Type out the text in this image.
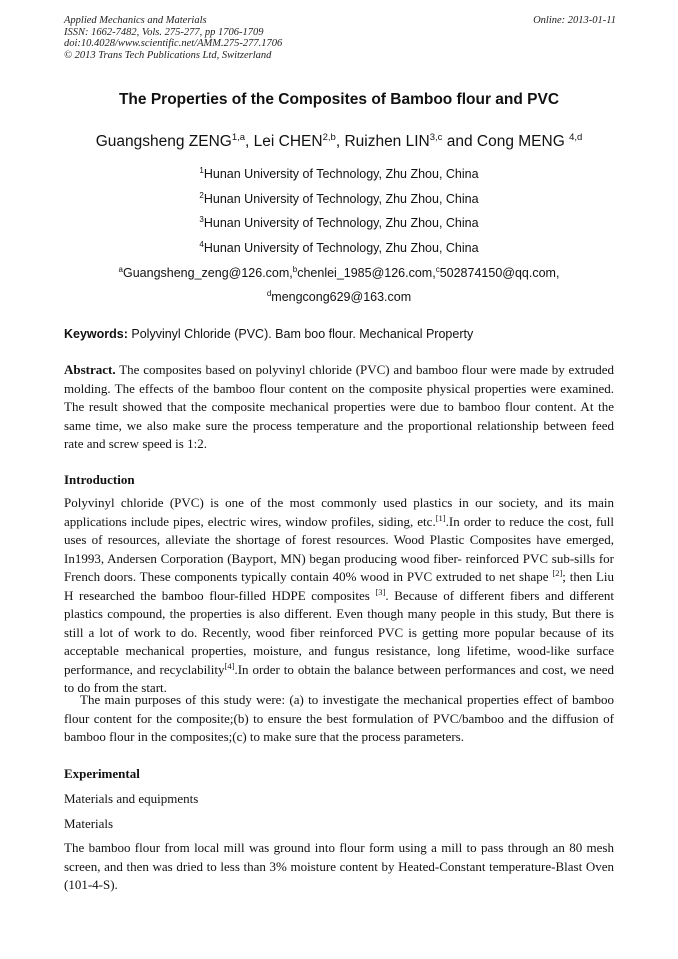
Applied Mechanics and Materials
ISSN: 1662-7482, Vols. 275-277, pp 1706-1709
doi:10.4028/www.scientific.net/AMM.275-277.1706
© 2013 Trans Tech Publications Ltd, Switzerland
Online: 2013-01-11
The Properties of the Composites of Bamboo flour and PVC
Guangsheng ZENG$^{1,a}$, Lei CHEN$^{2,b}$, Ruizhen LIN$^{3,c}$ and Cong MENG $^{4,d}$
$^1$Hunan University of Technology, Zhu Zhou, China
$^2$Hunan University of Technology, Zhu Zhou, China
$^3$Hunan University of Technology, Zhu Zhou, China
$^4$Hunan University of Technology, Zhu Zhou, China
$^a$Guangsheng_zeng@126.com,$^b$chenlei_1985@126.com,$^c$502874150@qq.com,
$^d$mengcong629@163.com
Keywords: Polyvinyl Chloride (PVC). Bam boo flour. Mechanical Property
Abstract. The composites based on polyvinyl chloride (PVC) and bamboo flour were made by extruded molding. The effects of the bamboo flour content on the composite physical properties were examined. The result showed that the composite mechanical properties were due to bamboo flour content. At the same time, we also make sure the process temperature and the proportional relationship between feed rate and screw speed is 1:2.
Introduction
Polyvinyl chloride (PVC) is one of the most commonly used plastics in our society, and its main applications include pipes, electric wires, window profiles, siding, etc.[1].In order to reduce the cost, full uses of resources, alleviate the shortage of forest resources. Wood Plastic Composites have emerged, In1993, Andersen Corporation (Bayport, MN) began producing wood fiber- reinforced PVC sub-sills for French doors. These components typically contain 40% wood in PVC extruded to net shape [2]; then Liu H researched the bamboo flour-filled HDPE composites [3]. Because of different fibers and different plastics compound, the properties is also different. Even though many people in this study, But there is still a lot of work to do. Recently, wood fiber reinforced PVC is getting more popular because of its acceptable mechanical properties, moisture, and fungus resistance, long lifetime, wood-like surface performance, and recyclability[4].In order to obtain the balance between performances and cost, we need to do from the start.
The main purposes of this study were: (a) to investigate the mechanical properties effect of bamboo flour content for the composite;(b) to ensure the best formulation of PVC/bamboo and the diffusion of bamboo flour in the composites;(c) to make sure that the process parameters.
Experimental
Materials and equipments
Materials
The bamboo flour from local mill was ground into flour form using a mill to pass through an 80 mesh screen, and then was dried to less than 3% moisture content by Heated-Constant temperature-Blast Oven (101-4-S).
